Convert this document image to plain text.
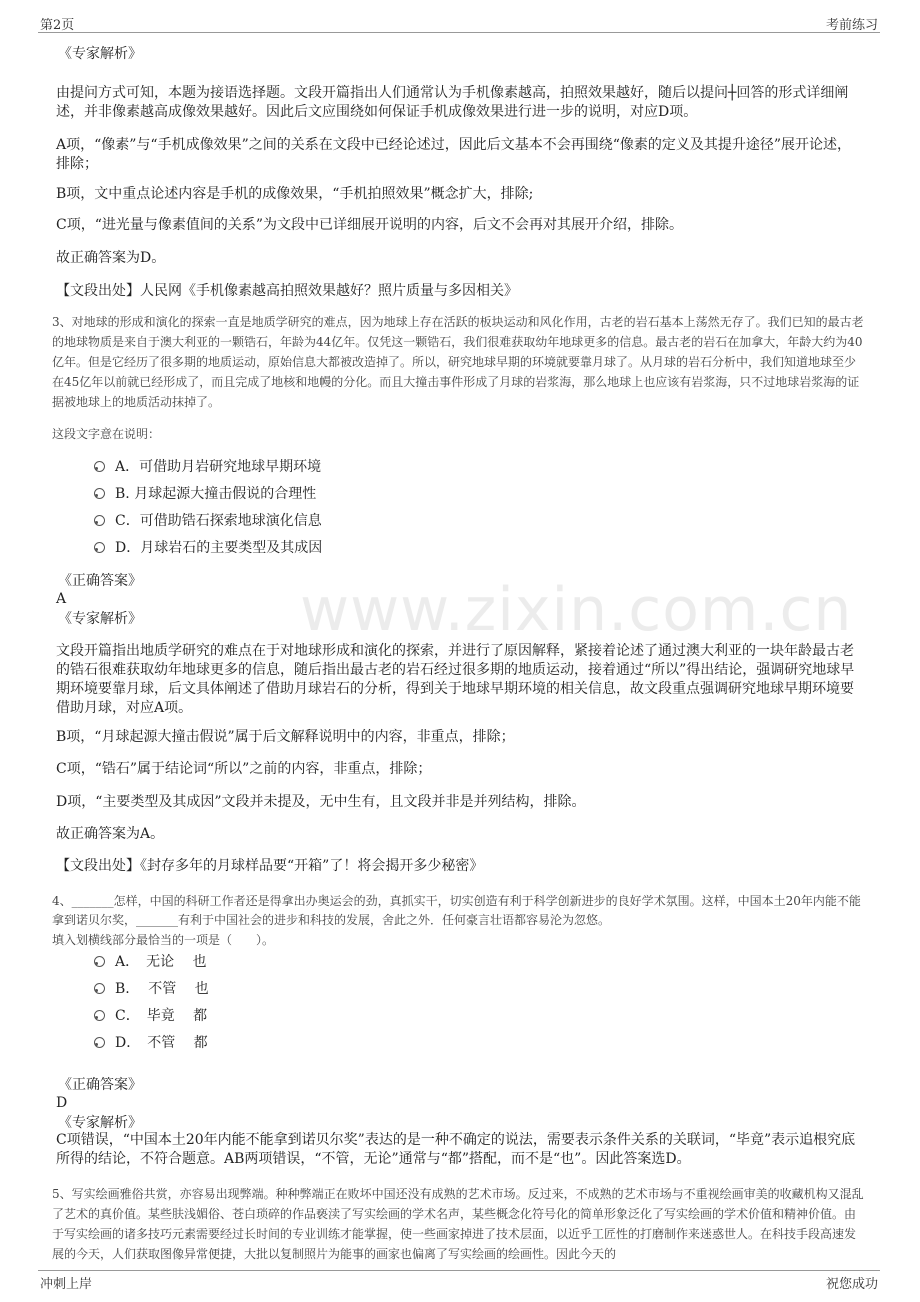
第2页	考前练习
www.zixin.com.cn

《专家解析》

由提问方式可知，本题为接语选择题。文段开篇指出人们通常认为手机像素越高，拍照效果越好，随后以提问┼回答的形式详细阐述，并非像素越高成像效果越好。因此后文应围绕如何保证手机成像效果进行进一步的说明，对应D项。

A项，“像素”与“手机成像效果”之间的关系在文段中已经论述过，因此后文基本不会再围绕“像素的定义及其提升途径”展开论述，排除；

B项，文中重点论述内容是手机的成像效果，“手机拍照效果”概念扩大，排除;

C项，“进光量与像素值间的关系”为文段中已详细展开说明的内容，后文不会再对其展开介绍，排除。

故正确答案为D。

【文段出处】人民网《手机像素越高拍照效果越好？照片质量与多因相关》

3、对地球的形成和演化的探索一直是地质学研究的难点，因为地球上存在活跃的板块运动和风化作用，古老的岩石基本上荡然无存了。我们已知的最古老的地球物质是来自于澳大利亚的一颗锆石，年龄为44亿年。仅凭这一颗锆石，我们很难获取幼年地球更多的信息。最古老的岩石在加拿大，年龄大约为40亿年。但是它经历了很多期的地质运动，原始信息大都被改造掉了。所以，研究地球早期的环境就要靠月球了。从月球的岩石分析中，我们知道地球至少在45亿年以前就已经形成了，而且完成了地核和地幔的分化。而且大撞击事件形成了月球的岩浆海，那么地球上也应该有岩浆海，只不过地球岩浆海的证据被地球上的地质活动抹掉了。

这段文字意在说明：

A．可借助月岩研究地球早期环境
B. 月球起源大撞击假说的合理性
C．可借助锆石探索地球演化信息
D．月球岩石的主要类型及其成因

《正确答案》

A

《专家解析》

文段开篇指出地质学研究的难点在于对地球形成和演化的探索，并进行了原因解释，紧接着论述了通过澳大利亚的一块年龄最古老的锆石很难获取幼年地球更多的信息，随后指出最古老的岩石经过很多期的地质运动，接着通过“所以”得出结论，强调研究地球早期环境要靠月球，后文具体阐述了借助月球岩石的分析，得到关于地球早期环境的相关信息，故文段重点强调研究地球早期环境要借助月球，对应A项。

B项，“月球起源大撞击假说”属于后文解释说明中的内容，非重点，排除；

C项，“锆石”属于结论词“所以”之前的内容，非重点，排除；

D项，“主要类型及其成因”文段并未提及，无中生有，且文段并非是并列结构，排除。

故正确答案为A。

【文段出处】《封存多年的月球样品要“开箱”了！将会揭开多少秘密》

4、_______怎样，中国的科研工作者还是得拿出办奥运会的劲，真抓实干，切实创造有利于科学创新进步的良好学术氛围。这样，中国本土20年内能不能拿到诺贝尔奖，_______有利于中国社会的进步和科技的发展，舍此之外．任何豪言壮语都容易沦为忽悠。

填入划横线部分最恰当的一项是（　　）。

A．　无论　 也
B.　 不管　 也
C．　毕竟　 都
D．　不管　 都

《正确答案》

D

《专家解析》

C项错误，“中国本土20年内能不能拿到诺贝尔奖”表达的是一种不确定的说法，需要表示条件关系的关联词，“毕竟”表示追根究底所得的结论，不符合题意。AB两项错误，“不管，无论”通常与“都”搭配，而不是“也”。因此答案选D。

5、写实绘画雅俗共赏，亦容易出现弊端。种种弊端正在败坏中国还没有成熟的艺术市场。反过来，不成熟的艺术市场与不重视绘画审美的收藏机构又混乱了艺术的真价值。某些肤浅媚俗、苍白琐碎的作品亵渎了写实绘画的学术名声，某些概念化符号化的简单形象泛化了写实绘画的学术价值和精神价值。由于写实绘画的诸多技巧元素需要经过长时间的专业训练才能掌握，使一些画家掉进了技术层面，以近乎工匠性的打磨制作来迷惑世人。在科技手段高速发展的今天，人们获取图像异常便捷，大批以复制照片为能事的画家也偏离了写实绘画的绘画性。因此今天的

冲刺上岸	祝您成功
